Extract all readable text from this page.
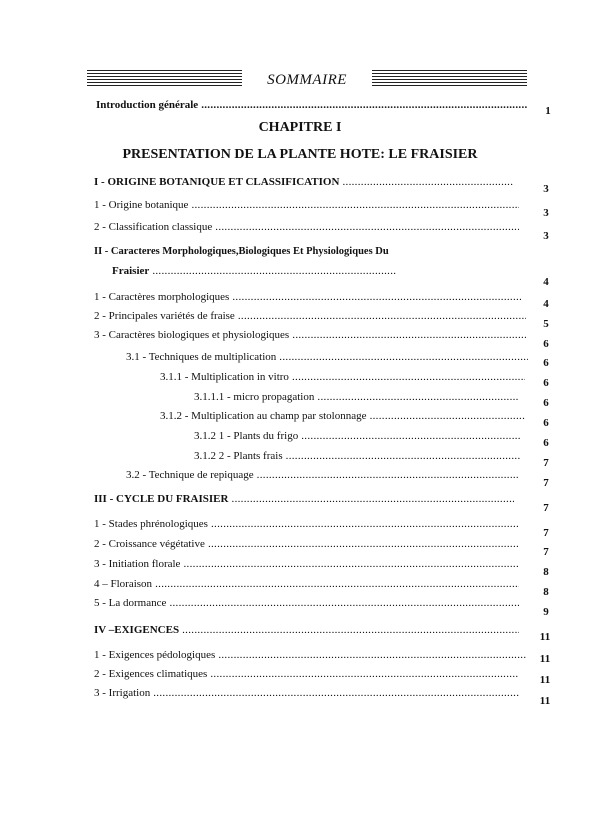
SOMMAIRE
Introduction générale .....
CHAPITRE I
PRESENTATION DE LA PLANTE HOTE: LE FRAISIER
I - ORIGINE BOTANIQUE ET CLASSIFICATION .....
1 - Origine botanique .....
2 - Classification classique .....
II - Caracteres Morphologiques,Biologiques Et Physiologiques Du
Fraisier .....
1 - Caractères morphologiques .....
2 - Principales variétés de fraise .....
3 - Caractères biologiques et physiologiques .....
3.1 - Techniques de multiplication .....
3.1.1 - Multiplication in vitro .....
3.1.1.1 - micro propagation .....
3.1.2 - Multiplication au champ par stolonnage .....
3.1.2 1 - Plants du frigo .....
3.1.2 2 - Plants frais .....
3.2 - Technique de repiquage .....
III - CYCLE DU FRAISIER .....
1 - Stades phrénologiques .....
2 - Croissance végétative .....
3 - Initiation florale .....
4 – Floraison .....
5 - La dormance .....
IV –EXIGENCES .....
1 - Exigences pédologiques .....
2 - Exigences climatiques .....
3 - Irrigation .....
1
3
3
3
4
4
5
6
6
6
6
6
6
7
7
7
7
7
8
8
9
11
11
11
11
